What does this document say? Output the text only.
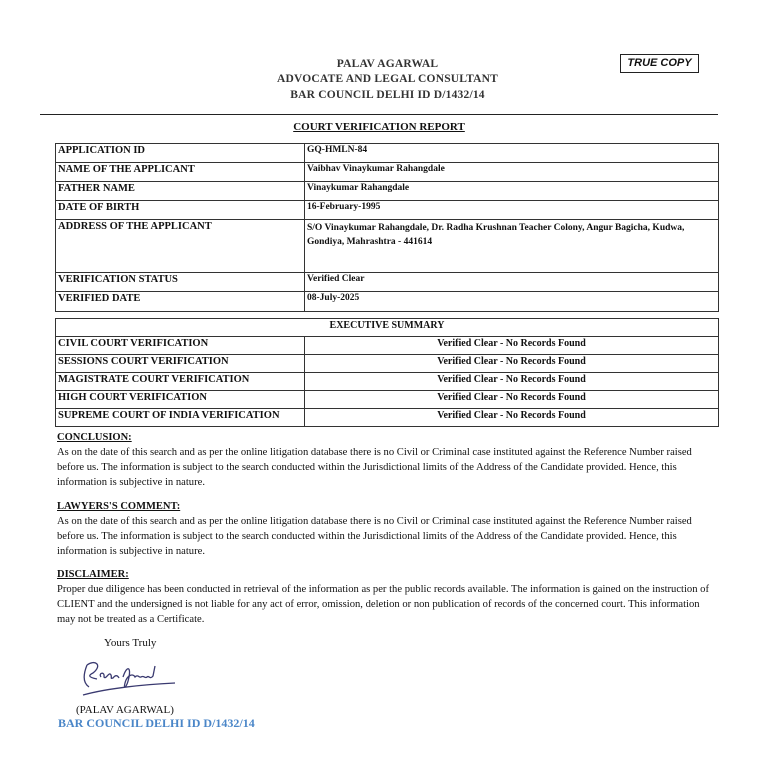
PALAV AGARWAL
ADVOCATE AND LEGAL CONSULTANT
BAR COUNCIL DELHI ID D/1432/14
TRUE COPY
COURT VERIFICATION REPORT
APPLICATION ID	GQ-HMLN-84
NAME OF THE APPLICANT	Vaibhav Vinaykumar Rahangdale
FATHER NAME	Vinaykumar Rahangdale
DATE OF BIRTH	16-February-1995
ADDRESS OF THE APPLICANT	S/O Vinaykumar Rahangdale, Dr. Radha Krushnan Teacher Colony, Angur Bagicha, Kudwa, Gondiya, Mahrashtra - 441614
VERIFICATION STATUS	Verified Clear
VERIFIED DATE	08-July-2025
EXECUTIVE SUMMARY	
CIVIL COURT VERIFICATION	Verified Clear - No Records Found
SESSIONS COURT VERIFICATION	Verified Clear - No Records Found
MAGISTRATE COURT VERIFICATION	Verified Clear - No Records Found
HIGH COURT VERIFICATION	Verified Clear - No Records Found
SUPREME COURT OF INDIA VERIFICATION	Verified Clear - No Records Found
CONCLUSION:

As on the date of this search and as per the online litigation database there is no Civil or Criminal case instituted against the Reference Number raised before us. The information is subject to the search conducted within the Jurisdictional limits of the Address of the Candidate provided. Hence, this information is subjective in nature.

LAWYERS'S COMMENT:

As on the date of this search and as per the online litigation database there is no Civil or Criminal case instituted against the Reference Number raised before us. The information is subject to the search conducted within the Jurisdictional limits of the Address of the Candidate provided. Hence, this information is subjective in nature.

DISCLAIMER:

Proper due diligence has been conducted in retrieval of the information as per the public records available. The information is gained on the instruction of CLIENT and the undersigned is not liable for any act of error, omission, deletion or non publication of records of the concerned court. This information may not be treated as a Certificate.

Yours Truly
(PALAV AGARWAL)
BAR COUNCIL DELHI ID D/1432/14
